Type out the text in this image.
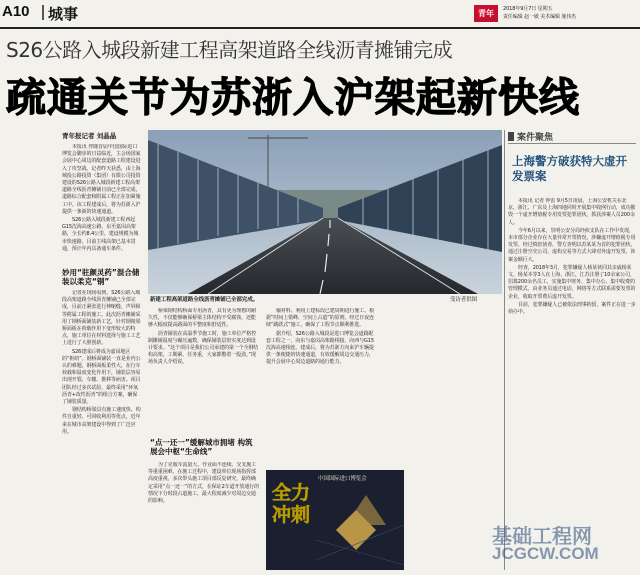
A10 城事	青年	2018年9月7日 星期五
责任编辑 赵一敏 美术编辑 施伟杰
S26公路入城段新建工程高架道路全线沥青摊铺完成
疏通关节为苏浙入沪架起新快线
青年报记者 刘晶晶

本报讯 伴随首届中国国际进口博览会脚步的日益临近，主会场国家会展中心周边的配套道路工程建设进入了攻坚战。记者昨天获悉，由上海城投公路投资（集团）有限公司投资建设的S26公路入城段新建工程高架道路全线沥青摊铺日前已全部完成，道路综合配套和附属工程正在加紧施工中。该工程建成后，将为苏浙入沪提供一条新的快速通道。

S26公路入城段新建工程西起G15沈海高速公路，东至嘉闵高架路，全长约8.4公里，建设规模为城市快速路。目前主线高架已基本贯通，预计年内具备通车条件。

妙用“驻颜灵药”混合储装以柔克“钢”

记者在现场看到，S26公路入城段高架道路全线沥青摊铺已全部完成，目前正紧张进行伸缩缝、声屏障等附属工程的施工。此次沥青摊铺采用了钢桥面铺装新工艺，针对钢箱梁桥面板在荷载作用下变形较大的特点，施工单位在材料选择与施工工艺上进行了大胆创新。

S26建成后将成为嘉闵地区的“枢纽”。钢桥面铺装一直是业内公认的难题，钢桥面板柔性大，在行车荷载和温度变化作用下，铺装层容易出现开裂、车辙、推移等病害。项目团队经过多次试验，最终采用“环氧沥青+改性沥青”的组合方案，确保了铺装质量。

钢结构桥梁具有施工速度快、构件自重轻、可回收利用等优点，近年来在城市高架建设中得到了广泛应用。

新建工程高架道路全线沥青摊铺已全部完成。	受访者供图

桥梁钢结构桥面专用沥青，具有更为理想的耐久性，不仅能够确保桥梁主体结构不受腐蚀，还能够大幅度提高路面的平整度和舒适性。

沥青铺装在高温季节施工时，施工单位严格控制摊铺温度与碾压遍数，确保铺装层密实度达到设计要求。“这个项目是我们公司承建的第一个全钢结构高架，工期紧、任务重，大家都憋着一股劲。”现场负责人介绍说。

“点一还一”缓解城市拥堵 构筑展会中枢“生命线”

为了克服车流量大、作业面不连续、交叉施工等重重困难，在施工过程中，建设单位现场指挥部高度重视，多次带头施工项目部反复研究，最终确定采用“点一还一”的方式，在保证2车道开放通行的情况下分时段占道施工，最大程度减少对周边交通的影响。

输材料、利用上建标段已建周期进行施工。根据“时间上错峰、空间上占道”的原则，经过日夜连续“跳跃式”施工，确保了工程节点顺利推进。

据介绍，S26公路入城段是进口博览会道路配套工程之一，向东与嘉闵高架路相接，向西与G15沈海高速相连。建成后，将为苏浙方向来沪车辆提供一条便捷的快速通道，有效缓解周边交通压力，提升会展中心周边道路的通行能力。

全力冲刺
中国国际进口博览会
案件聚焦
上海警方破获特大虚开发票案

本报讯 记者 钟雷 9月5日凌晨，上海公安机关在北京、浙江、广东及上海四地同时开展集中收网行动，成功摧毁一个虚开增值税专用发票犯罪团伙，抓获涉案人员200余人。

今年6月以来，崇明公安分局经侦支队在工作中发现，本市部分企业存在大量异常开票情况，涉嫌虚开增值税专用发票。经过缜密侦查，警方查明以苏某某为首的犯罪团伙，通过注册空壳公司、虚构交易等方式大肆对外虚开发票，涉案金额巨大。

经查，2018年3月，犯罪嫌疑人杨某伙同其亲戚杨某文、杨某本等3人在上海、浙江、江苏注册了10余家公司，招募200余名员工，实施集中财务、集中办公、集中收费的管理模式，由业务员通过电话、网络等方式联系需要发票的企业，收取开票费后虚开发票。

目前，犯罪嫌疑人已被依法刑事拘留，案件正在进一步侦办中。

基础工程网
JCGCW.COM
